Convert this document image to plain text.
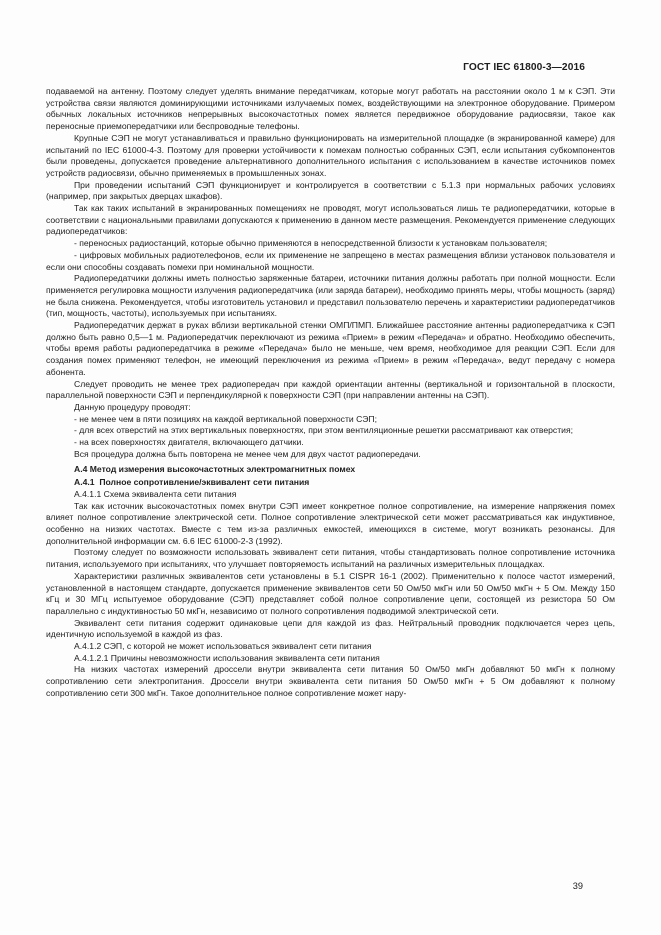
ГОСТ IEC 61800-3—2016

подаваемой на антенну. Поэтому следует уделять внимание передатчикам, которые могут работать на расстоянии около 1 м к СЭП. Эти устройства связи являются доминирующими источниками излучаемых помех, воздействующими на электронное оборудование. Примером обычных локальных источников непрерывных высокочастотных помех является передвижное оборудование радиосвязи, такое как переносные приемопередатчики или беспроводные телефоны.

Крупные СЭП не могут устанавливаться и правильно функционировать на измерительной площадке (в экранированной камере) для испытаний по IEC 61000-4-3. Поэтому для проверки устойчивости к помехам полностью собранных СЭП, если испытания субкомпонентов были проведены, допускается проведение альтернативного дополнительного испытания с использованием в качестве источников помех устройств радиосвязи, обычно применяемых в промышленных зонах.

При проведении испытаний СЭП функционирует и контролируется в соответствии с 5.1.3 при нормальных рабочих условиях (например, при закрытых дверцах шкафов).

Так как таких испытаний в экранированных помещениях не проводят, могут использоваться лишь те радиопередатчики, которые в соответствии с национальными правилами допускаются к применению в данном месте размещения. Рекомендуется применение следующих радиопередатчиков:

- переносных радиостанций, которые обычно применяются в непосредственной близости к установкам пользователя;

- цифровых мобильных радиотелефонов, если их применение не запрещено в местах размещения вблизи установок пользователя и если они способны создавать помехи при номинальной мощности.

Радиопередатчики должны иметь полностью заряженные батареи, источники питания должны работать при полной мощности. Если применяется регулировка мощности излучения радиопередатчика (или заряда батареи), необходимо принять меры, чтобы мощность (заряд) не была снижена. Рекомендуется, чтобы изготовитель установил и представил пользователю перечень и характеристики радиопередатчиков (тип, мощность, частоты), используемых при испытаниях.

Радиопередатчик держат в руках вблизи вертикальной стенки ОМП/ПМП. Ближайшее расстояние антенны радиопередатчика к СЭП должно быть равно 0,5—1 м. Радиопередатчик переключают из режима «Прием» в режим «Передача» и обратно. Необходимо обеспечить, чтобы время работы радиопередатчика в режиме «Передача» было не меньше, чем время, необходимое для реакции СЭП. Если для создания помех применяют телефон, не имеющий переключения из режима «Прием» в режим «Передача», ведут передачу с номера абонента.

Следует проводить не менее трех радиопередач при каждой ориентации антенны (вертикальной и горизонтальной в плоскости, параллельной поверхности СЭП и перпендикулярной к поверхности СЭП (при направлении антенны на СЭП).

Данную процедуру проводят:

- не менее чем в пяти позициях на каждой вертикальной поверхности СЭП;

- для всех отверстий на этих вертикальных поверхностях, при этом вентиляционные решетки рассматривают как отверстия;

- на всех поверхностях двигателя, включающего датчики.

Вся процедура должна быть повторена не менее чем для двух частот радиопередачи.

А.4 Метод измерения высокочастотных электромагнитных помех

А.4.1 Полное сопротивление/эквивалент сети питания

А.4.1.1 Схема эквивалента сети питания

Так как источник высокочастотных помех внутри СЭП имеет конкретное полное сопротивление, на измерение напряжения помех влияет полное сопротивление электрической сети. Полное сопротивление электрической сети может рассматриваться как индуктивное, особенно на низких частотах. Вместе с тем из-за различных емкостей, имеющихся в системе, могут возникать резонансы. Для дополнительной информации см. 6.6 IEC 61000-2-3 (1992).

Поэтому следует по возможности использовать эквивалент сети питания, чтобы стандартизовать полное сопротивление источника питания, используемого при испытаниях, что улучшает повторяемость испытаний на различных измерительных площадках.

Характеристики различных эквивалентов сети установлены в 5.1 CISPR 16-1 (2002). Применительно к полосе частот измерений, установленной в настоящем стандарте, допускается применение эквивалентов сети 50 Ом/50 мкГн или 50 Ом/50 мкГн + 5 Ом. Между 150 кГц и 30 МГц испытуемое оборудование (СЭП) представляет собой полное сопротивление цепи, состоящей из резистора 50 Ом параллельно с индуктивностью 50 мкГн, независимо от полного сопротивления подводимой электрической сети.

Эквивалент сети питания содержит одинаковые цепи для каждой из фаз. Нейтральный проводник подключается через цепь, идентичную используемой в каждой из фаз.

А.4.1.2 СЭП, с которой не может использоваться эквивалент сети питания

А.4.1.2.1 Причины невозможности использования эквивалента сети питания

На низких частотах измерений дроссели внутри эквивалента сети питания 50 Ом/50 мкГн добавляют 50 мкГн к полному сопротивлению сети электропитания. Дроссели внутри эквивалента сети питания 50 Ом/50 мкГн + 5 Ом добавляют к полному сопротивлению сети 300 мкГн. Такое дополнительное полное сопротивление может нару-

39
